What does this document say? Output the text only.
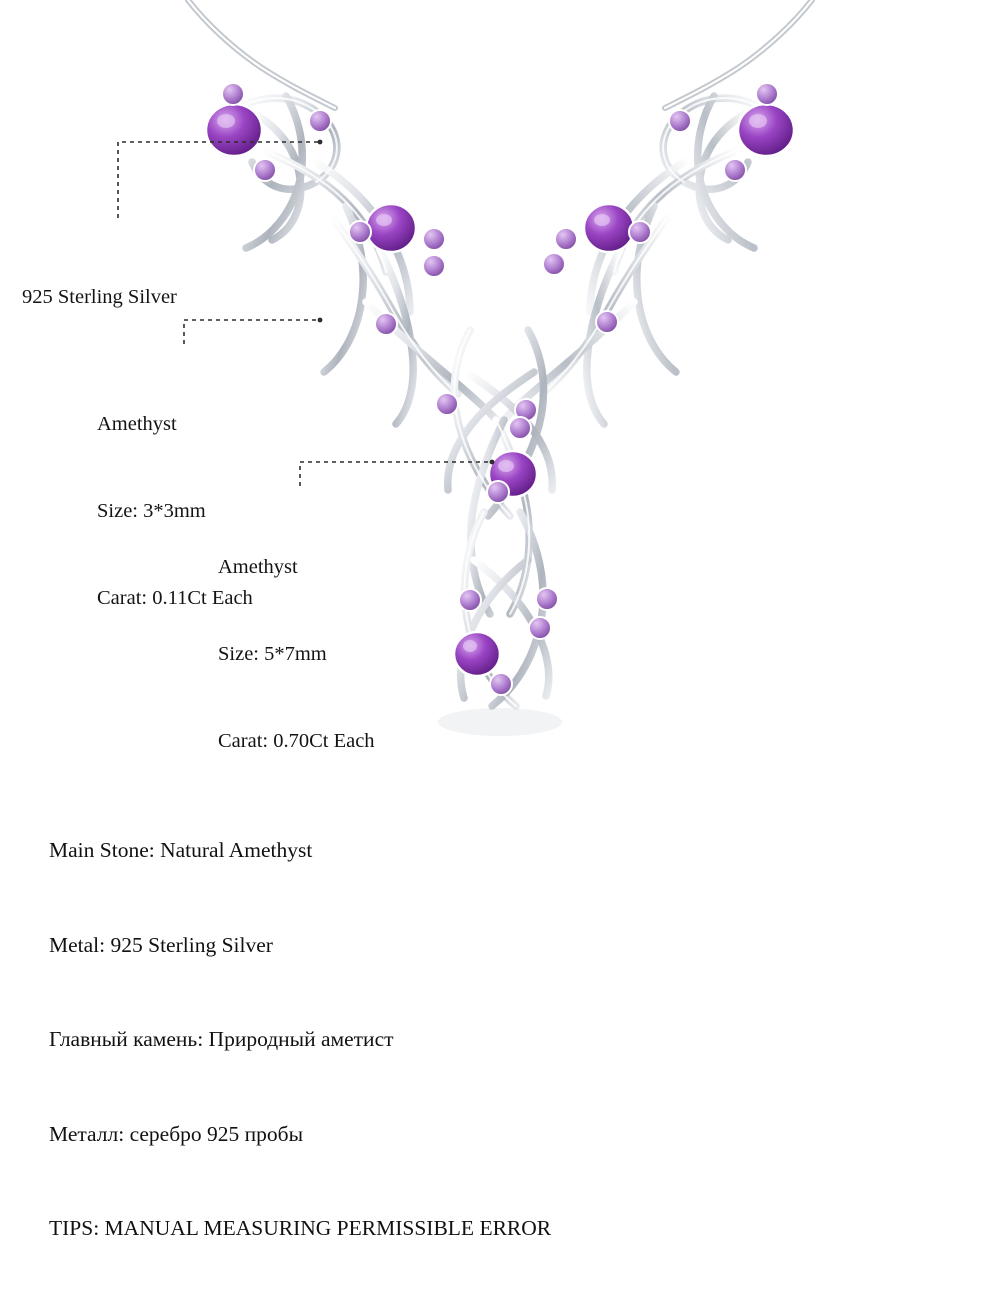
925 Sterling Silver

Amethyst

Size: 3*3mm

Carat: 0.11Ct Each

Amethyst

Size: 5*7mm

Carat: 0.70Ct Each

Main Stone: Natural Amethyst

Metal: 925 Sterling Silver

Главный камень: Природный аметист

Металл: серебро 925 пробы

TIPS: MANUAL MEASURING PERMISSIBLE ERROR
